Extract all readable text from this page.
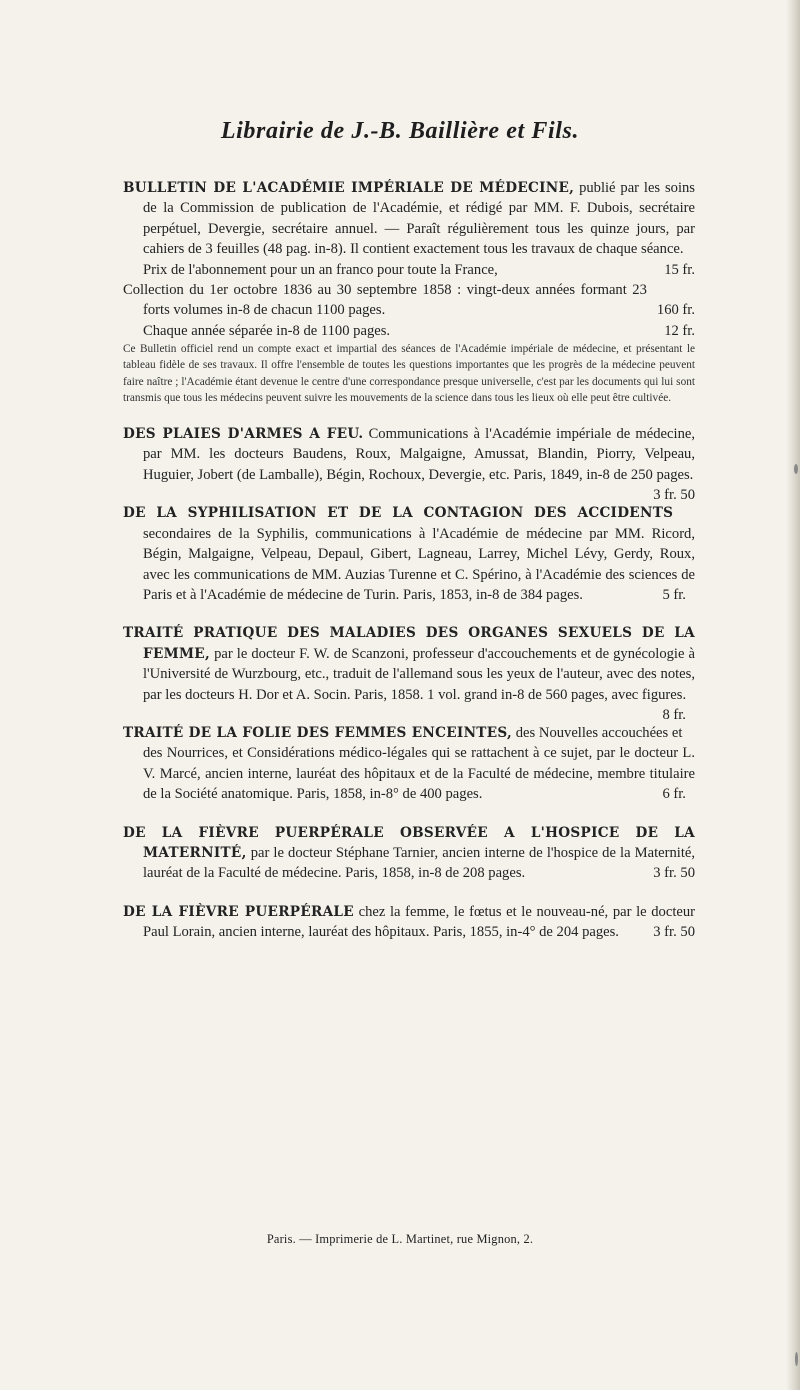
Librairie de J.-B. Baillière et Fils.

BULLETIN DE L'ACADÉMIE IMPÉRIALE DE MÉDECINE, publié par les soins de la Commission de publication de l'Académie, et rédigé par MM. F. Dubois, secrétaire perpétuel, Devergie, secrétaire annuel. — Paraît régulièrement tous les quinze jours, par cahiers de 3 feuilles (48 pag. in-8). Il contient exactement tous les travaux de chaque séance.

Prix de l'abonnement pour un an franco pour toute la France,	15 fr.
Collection du 1er octobre 1836 au 30 septembre 1858 : vingt-deux années formant 23 forts volumes in-8 de chacun 1100 pages.	160 fr.
Chaque année séparée in-8 de 1100 pages.	12 fr.

Ce Bulletin officiel rend un compte exact et impartial des séances de l'Académie impériale de médecine, et présentant le tableau fidèle de ses travaux. Il offre l'ensemble de toutes les questions importantes que les progrès de la médecine peuvent faire naître ; l'Académie étant devenue le centre d'une correspondance presque universelle, c'est par les documents qui lui sont transmis que tous les médecins peuvent suivre les mouvements de la science dans tous les lieux où elle peut être cultivée.

DES PLAIES D'ARMES A FEU. Communications à l'Académie impériale de médecine, par MM. les docteurs Baudens, Roux, Malgaigne, Amussat, Blandin, Piorry, Velpeau, Huguier, Jobert (de Lamballe), Bégin, Rochoux, Devergie, etc. Paris, 1849, in-8 de 250 pages.
3 fr. 50

DE LA SYPHILISATION ET DE LA CONTAGION DES ACCIDENTS secondaires de la Syphilis, communications à l'Académie de médecine par MM. Ricord, Bégin, Malgaigne, Velpeau, Depaul, Gibert, Lagneau, Larrey, Michel Lévy, Gerdy, Roux, avec les communications de MM. Auzias Turenne et C. Spérino, à l'Académie des sciences de Paris et à l'Académie de médecine de Turin. Paris, 1853, in-8 de 384 pages.	5 fr.

TRAITÉ PRATIQUE DES MALADIES DES ORGANES SEXUELS DE LA FEMME, par le docteur F. W. de Scanzoni, professeur d'accouchements et de gynécologie à l'Université de Wurzbourg, etc., traduit de l'allemand sous les yeux de l'auteur, avec des notes, par les docteurs H. Dor et A. Socin. Paris, 1858. 1 vol. grand in-8 de 560 pages, avec figures.
8 fr.

TRAITÉ DE LA FOLIE DES FEMMES ENCEINTES, des Nouvelles accouchées et des Nourrices, et Considérations médico-légales qui se rattachent à ce sujet, par le docteur L. V. Marcé, ancien interne, lauréat des hôpitaux et de la Faculté de médecine, membre titulaire de la Société anatomique. Paris, 1858, in-8° de 400 pages.	6 fr.

DE LA FIÈVRE PUERPÉRALE OBSERVÉE A L'HOSPICE DE LA MATERNITÉ, par le docteur Stéphane Tarnier, ancien interne de l'hospice de la Maternité, lauréat de la Faculté de médecine. Paris, 1858, in-8 de 208 pages.	3 fr. 50

DE LA FIÈVRE PUERPÉRALE chez la femme, le fœtus et le nouveau-né, par le docteur Paul Lorain, ancien interne, lauréat des hôpitaux. Paris, 1855, in-4° de 204 pages. 3 fr. 50

Paris. — Imprimerie de L. Martinet, rue Mignon, 2.
